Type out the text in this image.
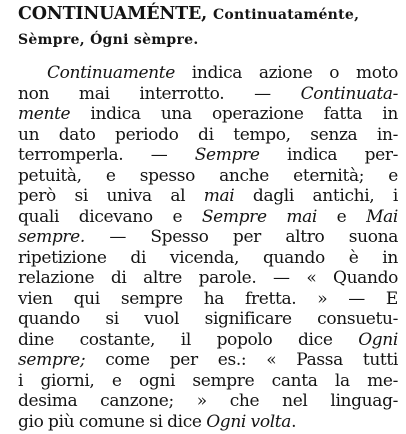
CONTINUAMÉNTE, Continuataménte,
Sèmpre, Ógni sèmpre.
Continuamente indica azione o moto
non mai interrotto. — Continuata-
mente indica una operazione fatta in
un dato periodo di tempo, senza in-
terromperla. — Sempre indica per-
petuità, e spesso anche eternità; e
però si univa al mai dagli antichi, i
quali dicevano e Sempre mai e Mai
sempre. — Spesso per altro suona
ripetizione di vicenda, quando è in
relazione di altre parole. — « Quando
vien qui sempre ha fretta. » — E
quando si vuol significare consuetu-
dine costante, il popolo dice Ogni
sempre; come per es.: « Passa tutti
i giorni, e ogni sempre canta la me-
desima canzone; » che nel linguag-
gio più comune si dice Ogni volta.
